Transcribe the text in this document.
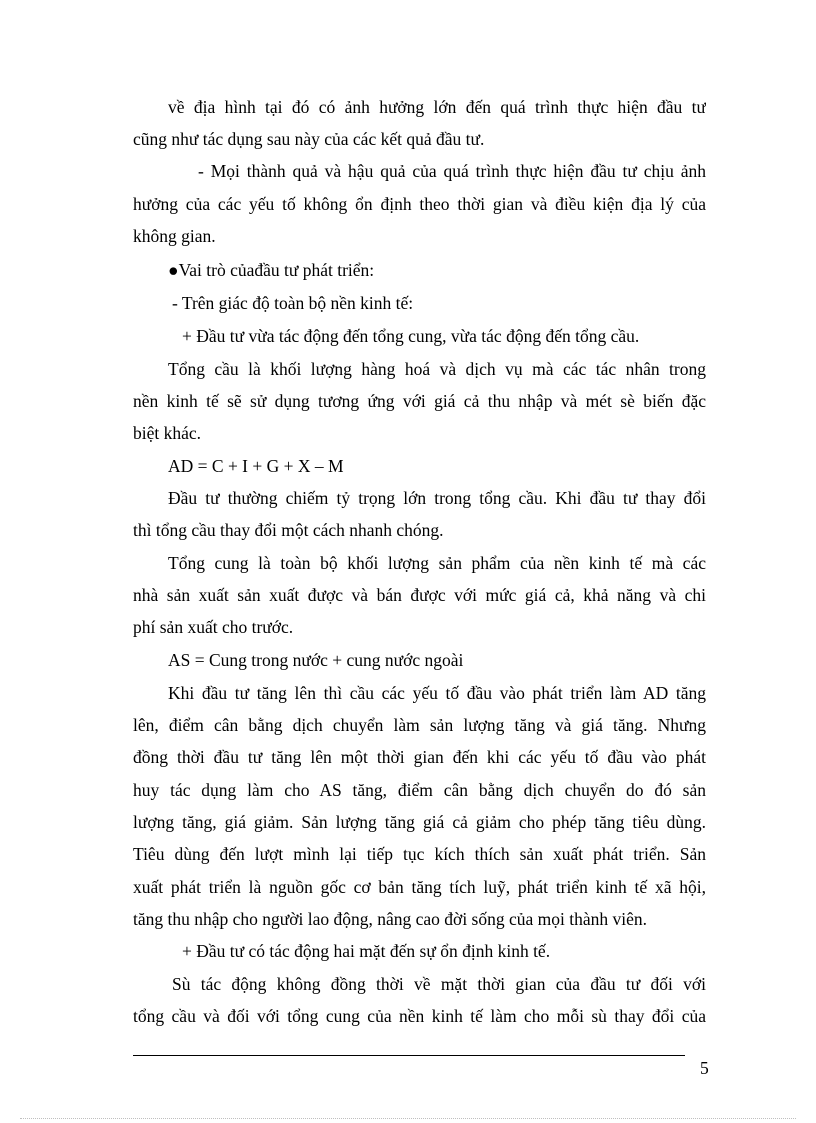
về địa hình tại đó có ảnh hưởng lớn đến quá trình thực hiện đầu tư
cũng như tác dụng sau này của các kết quả đầu tư.
- Mọi thành quả và hậu quả của quá trình thực hiện đầu tư chịu ảnh
hưởng của các yếu tố không ổn định theo thời gian và điều kiện địa lý của
không gian.
●Vai trò củađầu tư phát triển:
- Trên giác độ toàn bộ nền kinh tế:
+ Đầu tư vừa tác động đến tổng cung, vừa tác động đến tổng cầu.
Tổng cầu là khối lượng hàng hoá và dịch vụ mà các tác nhân trong
nền kinh tế sẽ sử dụng tương ứng với giá cả thu nhập và mét sè biến đặc
biệt khác.
AD = C + I + G + X – M
Đầu tư thường chiếm tỷ trọng lớn trong tổng cầu. Khi đầu tư thay đổi
thì tổng cầu thay đổi một cách nhanh chóng.
Tổng cung là toàn bộ khối lượng sản phẩm của nền kinh tế mà các
nhà sản xuất sản xuất được và bán được với mức giá cả, khả năng và chi
phí sản xuất cho trước.
AS = Cung trong nước + cung nước ngoài
Khi đầu tư tăng lên thì cầu các yếu tố đầu vào phát triển làm AD tăng
lên, điểm cân bằng dịch chuyển làm sản lượng tăng và giá tăng. Nhưng
đồng thời đầu tư tăng lên một thời gian đến khi các yếu tố đầu vào phát
huy tác dụng làm cho AS tăng, điểm cân bằng dịch chuyển do đó sản
lượng tăng, giá giảm. Sản lượng tăng giá cả giảm cho phép tăng tiêu dùng.
Tiêu dùng đến lượt mình lại tiếp tục kích thích sản xuất phát triển. Sản
xuất phát triển là nguồn gốc cơ bản tăng tích luỹ, phát triển kinh tế xã hội,
tăng thu nhập cho người lao động, nâng cao đời sống của mọi thành viên.
+ Đầu tư có tác động hai mặt đến sự ổn định kinh tế.
Sù tác động không đồng thời về mặt thời gian của đầu tư đối với
tổng cầu và đối với tổng cung của nền kinh tế làm cho mỗi sù thay đổi của
5
